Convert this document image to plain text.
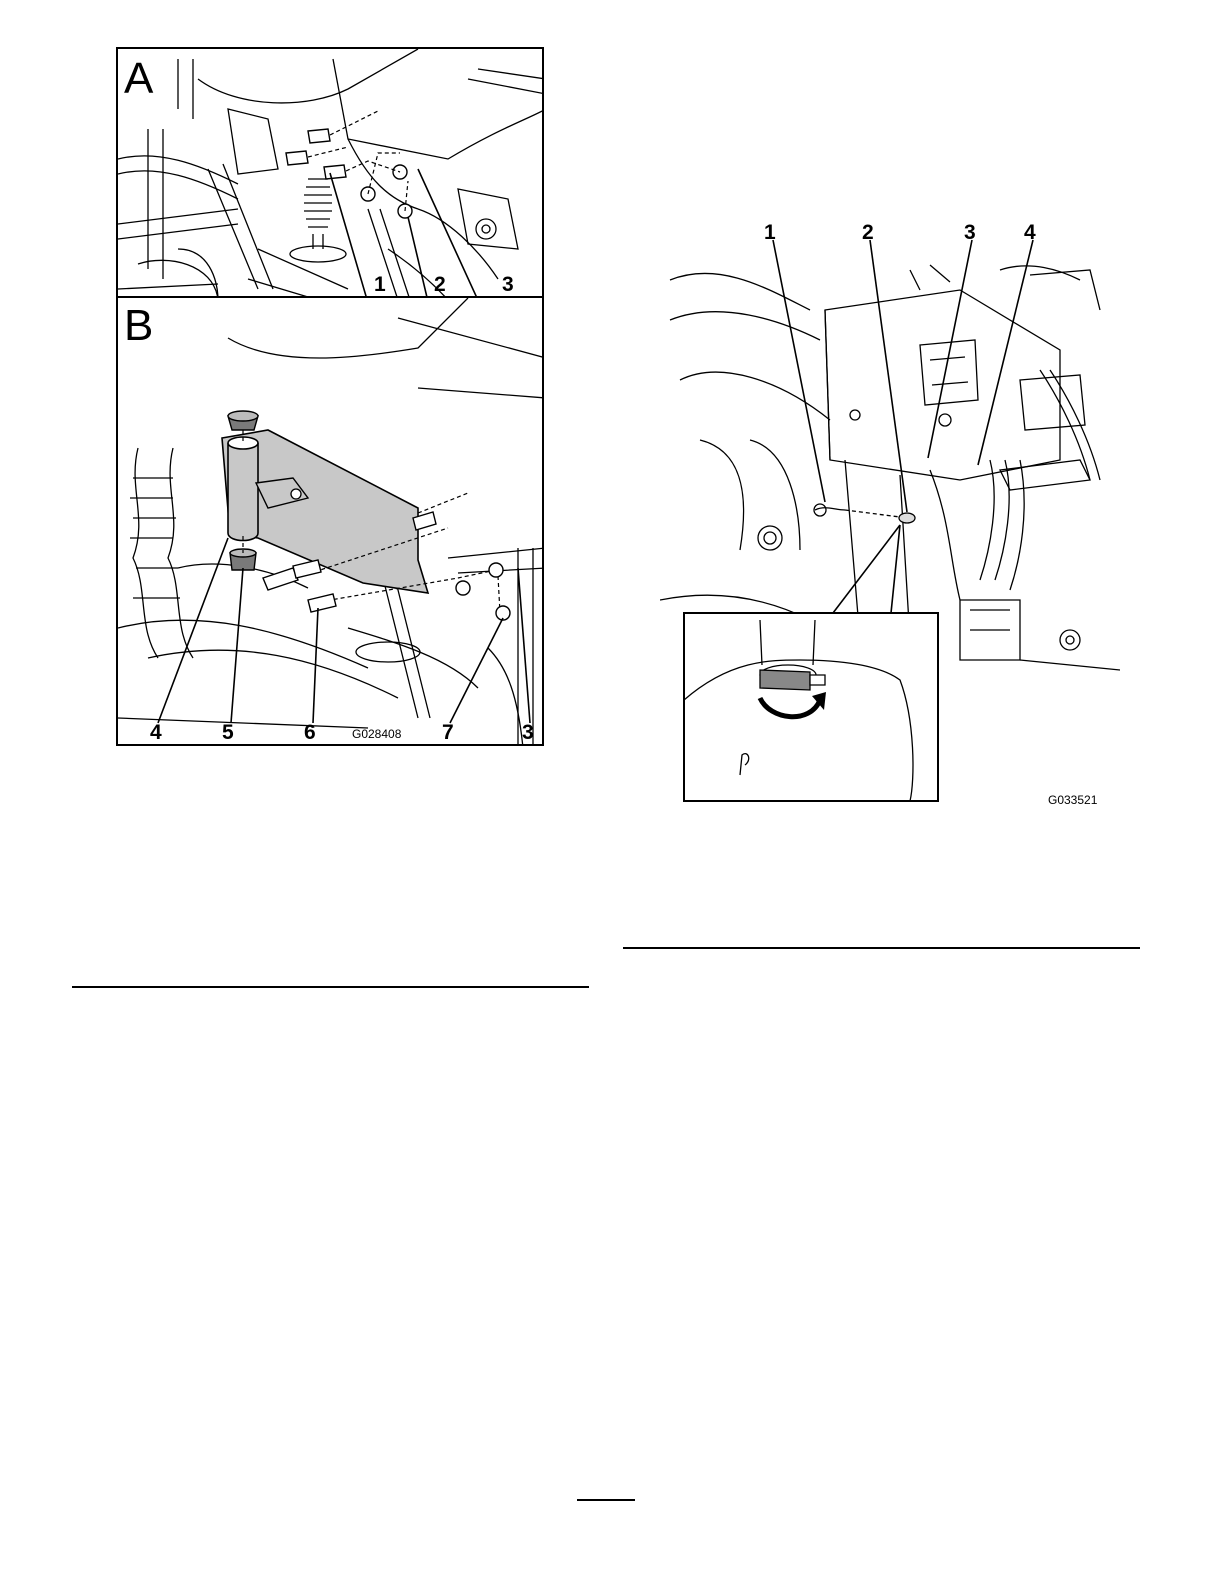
A
1 2	3
B
4	5	6	G028408 7	3
1	2	3 4
G033521
